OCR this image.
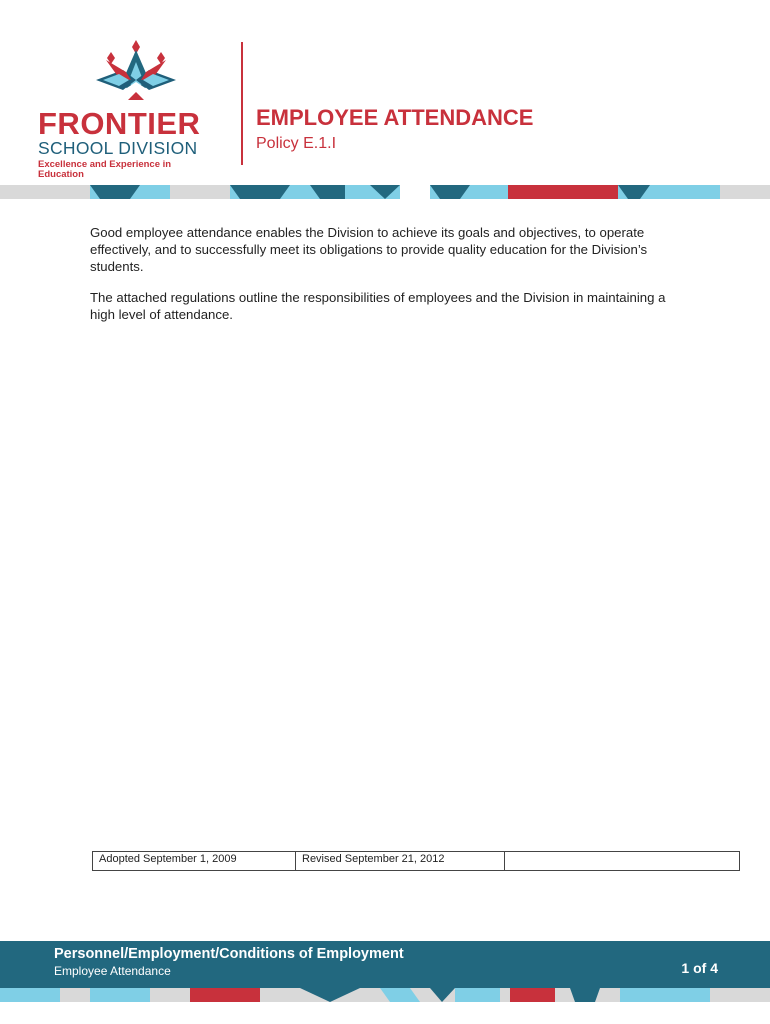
FRONTIER
SCHOOL DIVISION
Excellence and Experience in Education
EMPLOYEE ATTENDANCE
Policy E.1.I

Good employee attendance enables the Division to achieve its goals and objectives, to operate effectively, and to successfully meet its obligations to provide quality education for the Division’s students.

The attached regulations outline the responsibilities of employees and the Division in maintaining a high level of attendance.

Adopted September 1, 2009	Revised September 21, 2012	
Personnel/Employment/Conditions of Employment
Employee Attendance	1 of 4
